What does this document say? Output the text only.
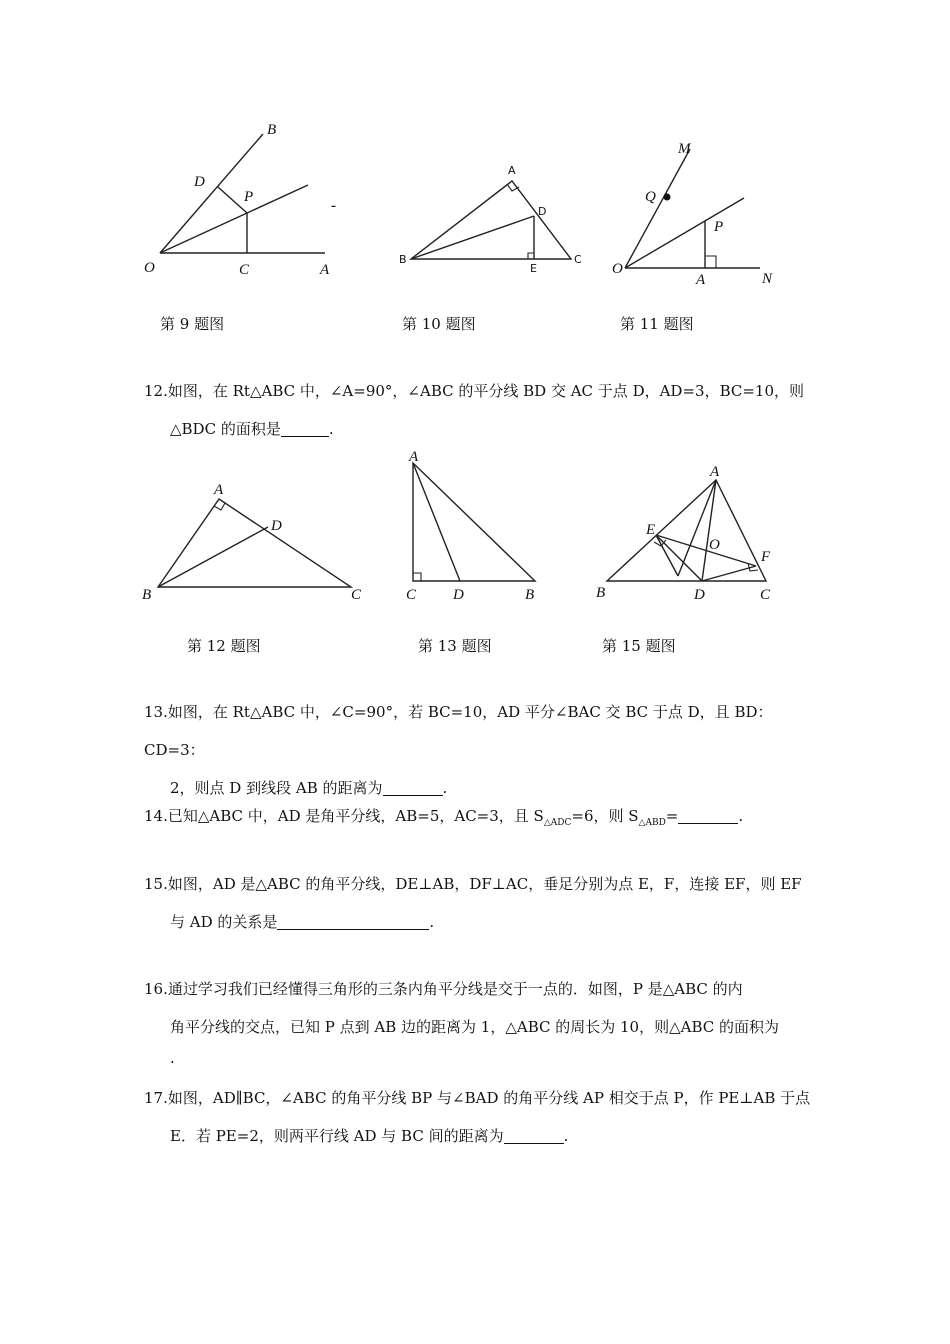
B
D
P
O	C	A
-
A
D
B
E
C
M
Q
P
O
A	N
第 9 题图	第 10 题图	第 11 题图
12.如图，在 Rt△ABC 中，∠A=90°，∠ABC 的平分线 BD 交 AC 于点 D，AD=3，BC=10，则
△BDC 的面积是	.
A
D
B	C
A
C D	B
A
E
O
F
B	D	C
第 12 题图	第 13 题图	第 15 题图
13.如图，在 Rt△ABC 中，∠C=90°，若 BC=10，AD 平分∠BAC 交 BC 于点 D，且 BD：CD=3：
2，则点 D 到线段 AB 的距离为	.
14.已知△ABC 中，AD 是角平分线，AB=5，AC=3，且 $S_{\triangle ADC}=6$，则 $S_{\triangle ABD}=$	.
15.如图，AD 是△ABC 的角平分线，DE⊥AB，DF⊥AC，垂足分别为点 E，F，连接 EF，则 EF
与 AD 的关系是	.
16.通过学习我们已经懂得三角形的三条内角平分线是交于一点的．如图，P 是△ABC 的内
角平分线的交点，已知 P 点到 AB 边的距离为 1，△ABC 的周长为 10，则△ABC 的面积为
.
17.如图，AD∥BC，∠ABC 的角平分线 BP 与∠BAD 的角平分线 AP 相交于点 P，作 PE⊥AB 于点
E．若 PE=2，则两平行线 AD 与 BC 间的距离为	.
